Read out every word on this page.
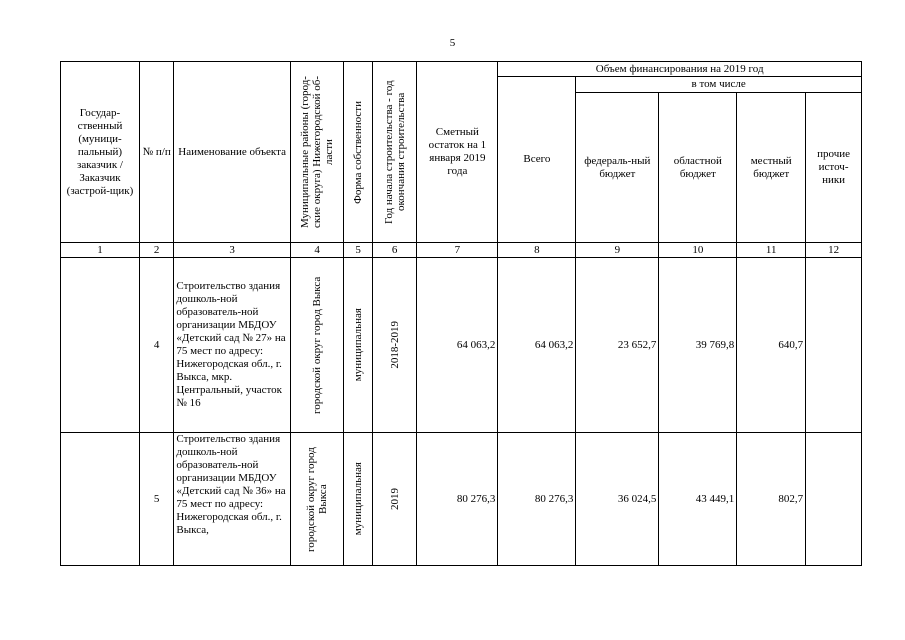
5
Государ-ственный (муници-пальный) заказчик / Заказчик (застрой-щик)	№ п/п	Наименование объекта	Муниципальные районы (город-ские округа) Нижегородской об-ласти	Форма собственности	Год начала строительства - год окончания строительства	Сметный остаток на 1 января 2019 года	Объем финансирования на 2019 год				
							Всего	в том числе			
								федераль-ный бюджет	областной бюджет	местный бюджет	прочие источ-ники
1	2	3	4	5	6	7	8	9	10	11	12
	4	Строительство здания дошколь-ной образователь-ной организации МБДОУ «Детский сад № 27» на 75 мест по адресу: Нижегородская обл., г. Выкса, мкр. Центральный, участок № 16	городской округ город Выкса	муниципальная	2018-2019	64 063,2	64 063,2	23 652,7	39 769,8	640,7	
	5	Строительство здания дошколь-ной образователь-ной организации МБДОУ «Детский сад № 36» на 75 мест по адресу: Нижегородская обл., г. Выкса,	городской округ город Выкса	муниципальная	2019	80 276,3	80 276,3	36 024,5	43 449,1	802,7	
